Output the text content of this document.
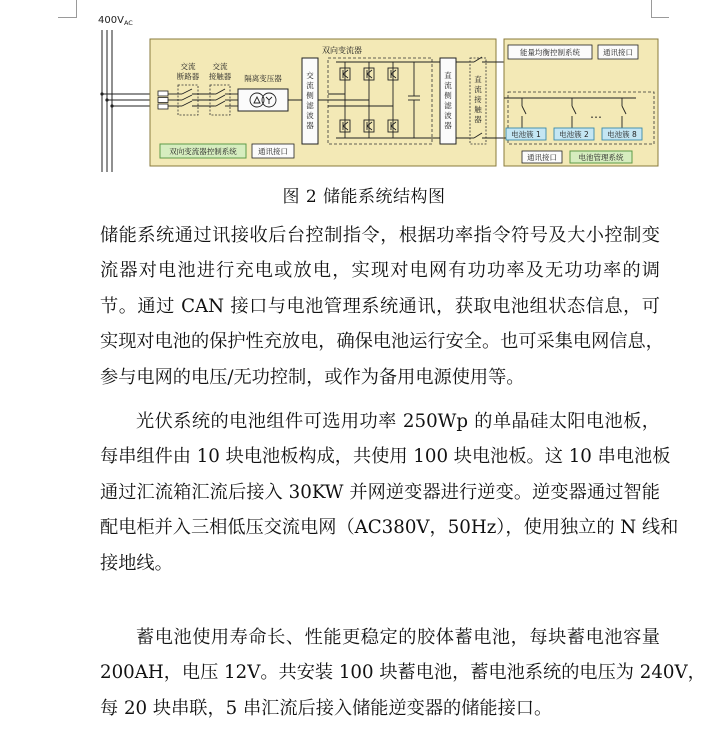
$400V_{AC}$
双向变流器
交流
断路器
交流
接触器 隔离变压器	交
流
侧
滤
波
器
直
流
侧
滤
波
器
直
流
接
触
器
双向变流器控制系统	通讯接口
能量均衡控制系统	通讯接口
…
电池簇 1 电池簇 2 电池簇 8
通讯接口	电池管理系统
图 2 储能系统结构图

储能系统通过讯接收后台控制指令，根据功率指令符号及大小控制变
流器对电池进行充电或放电，实现对电网有功功率及无功功率的调
节。通过 CAN 接口与电池管理系统通讯，获取电池组状态信息，可
实现对电池的保护性充放电，确保电池运行安全。也可采集电网信息，
参与电网的电压/无功控制，或作为备用电源使用等。

光伏系统的电池组件可选用功率 250Wp 的单晶硅太阳电池板，
每串组件由 10 块电池板构成，共使用 100 块电池板。这 10 串电池板
通过汇流箱汇流后接入 30KW 并网逆变器进行逆变。逆变器通过智能
配电柜并入三相低压交流电网（AC380V，50Hz），使用独立的 N 线和
接地线。

蓄电池使用寿命长、性能更稳定的胶体蓄电池，每块蓄电池容量
200AH，电压 12V。共安装 100 块蓄电池，蓄电池系统的电压为 240V，
每 20 块串联，5 串汇流后接入储能逆变器的储能接口。
